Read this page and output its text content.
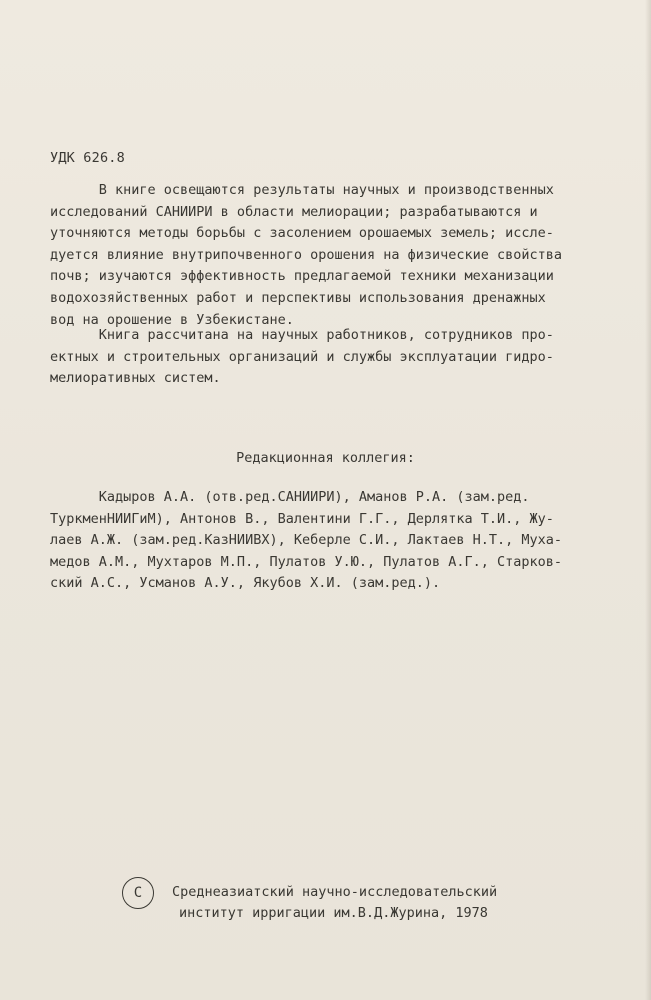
УДК 626.8
В книге освещаются результаты научных и производственных
исследований САНИИРИ в области мелиорации; разрабатываются и
уточняются методы борьбы с засолением орошаемых земель; иссле-
дуется влияние внутрипочвенного орошения на физические свойства
почв; изучаются эффективность предлагаемой техники механизации
водохозяйственных работ и перспективы использования дренажных
вод на орошение в Узбекистане.
Книга рассчитана на научных работников, сотрудников про-
ектных и строительных организаций и службы эксплуатации гидро-
мелиоративных систем.
Редакционная коллегия:
Кадыров А.А. (отв.ред.САНИИРИ), Аманов Р.А. (зам.ред.
ТуркменНИИГиМ), Антонов В., Валентини Г.Г., Дерлятка Т.И., Жу-
лаев А.Ж. (зам.ред.КазНИИВХ), Кеберле С.И., Лактаев Н.Т., Муха-
медов А.М., Мухтаров М.П., Пулатов У.Ю., Пулатов А.Г., Старков-
ский А.С., Усманов А.У., Якубов Х.И. (зам.ред.).
С	Среднеазиатский научно-исследовательский
институт ирригации им.В.Д.Журина, 1978
